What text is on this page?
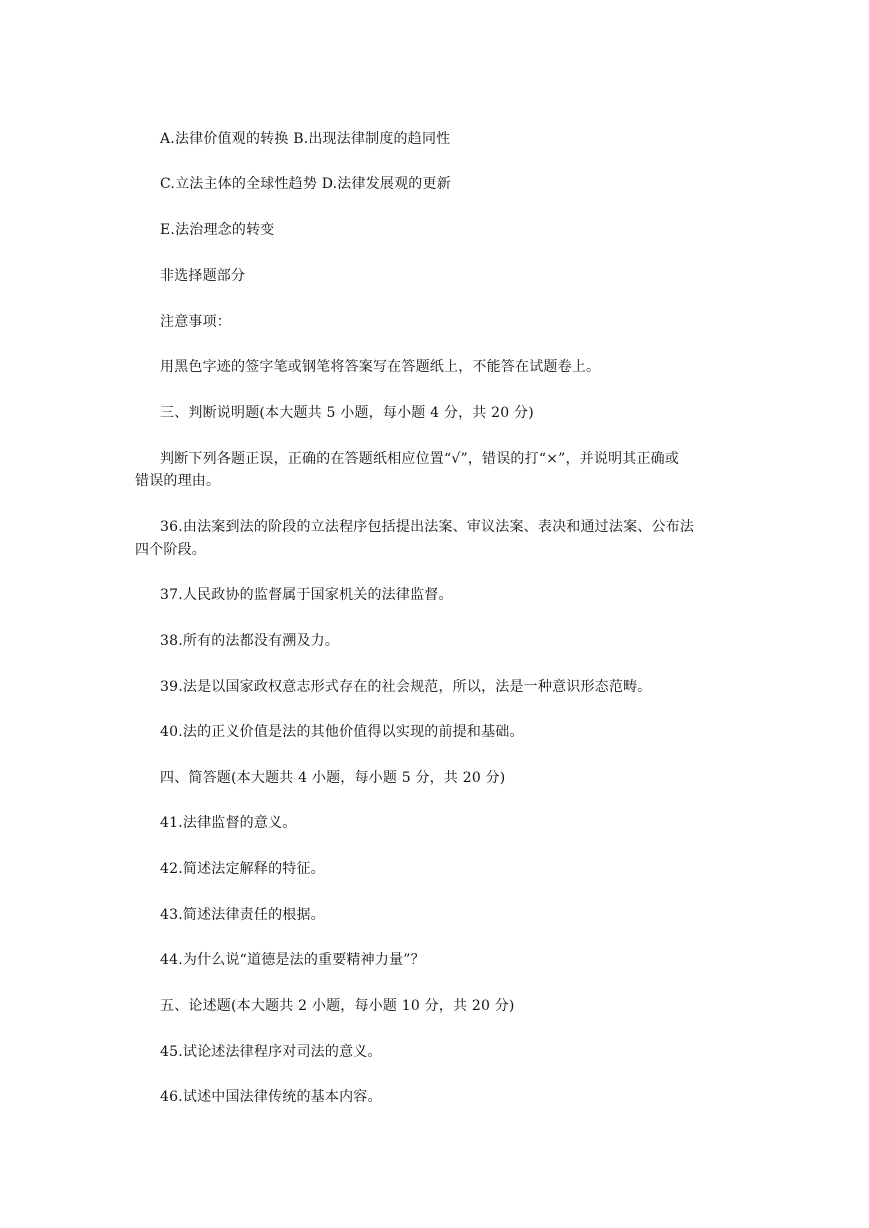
A.法律价值观的转换 B.出现法律制度的趋同性
C.立法主体的全球性趋势 D.法律发展观的更新
E.法治理念的转变
非选择题部分
注意事项：
用黑色字迹的签字笔或钢笔将答案写在答题纸上，不能答在试题卷上。
三、判断说明题(本大题共 5 小题，每小题 4 分，共 20 分)
判断下列各题正误，正确的在答题纸相应位置“√”，错误的打“×”，并说明其正确或
错误的理由。
36.由法案到法的阶段的立法程序包括提出法案、审议法案、表决和通过法案、公布法
四个阶段。
37.人民政协的监督属于国家机关的法律监督。
38.所有的法都没有溯及力。
39.法是以国家政权意志形式存在的社会规范，所以，法是一种意识形态范畴。
40.法的正义价值是法的其他价值得以实现的前提和基础。
四、简答题(本大题共 4 小题，每小题 5 分，共 20 分)
41.法律监督的意义。
42.简述法定解释的特征。
43.简述法律责任的根据。
44.为什么说“道德是法的重要精神力量”？
五、论述题(本大题共 2 小题，每小题 10 分，共 20 分)
45.试论述法律程序对司法的意义。
46.试述中国法律传统的基本内容。
